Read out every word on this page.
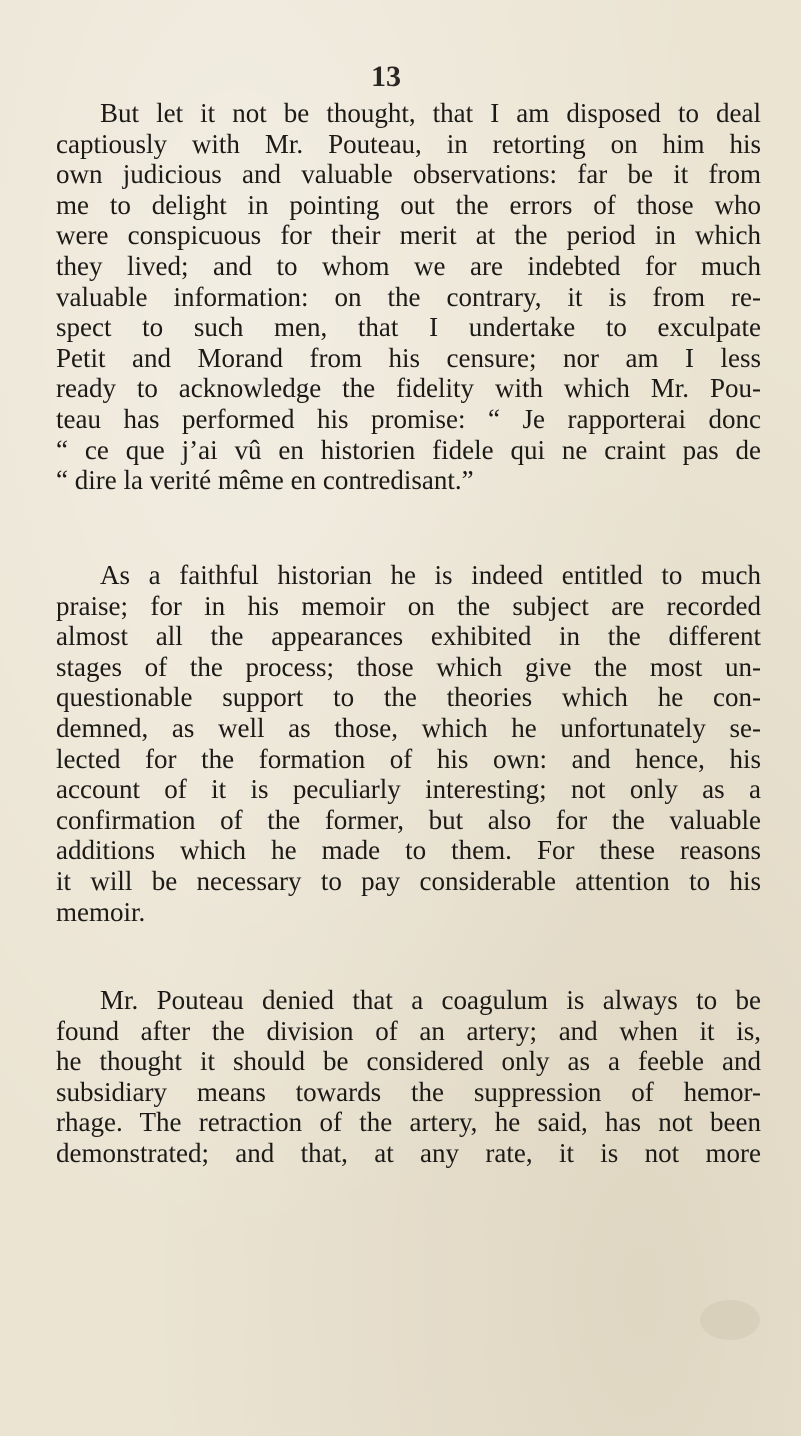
13

But let it not be thought, that I am disposed to deal
captiously with Mr. Pouteau, in retorting on him his
own judicious and valuable observations: far be it from
me to delight in pointing out the errors of those who
were conspicuous for their merit at the period in which
they lived; and to whom we are indebted for much
valuable information: on the contrary, it is from re-
spect to such men, that I undertake to exculpate
Petit and Morand from his censure; nor am I less
ready to acknowledge the fidelity with which Mr. Pou-
teau has performed his promise: “ Je rapporterai donc
“ ce que j’ai vû en historien fidele qui ne craint pas de
“ dire la verité même en contredisant.”

As a faithful historian he is indeed entitled to much
praise; for in his memoir on the subject are recorded
almost all the appearances exhibited in the different
stages of the process; those which give the most un-
questionable support to the theories which he con-
demned, as well as those, which he unfortunately se-
lected for the formation of his own: and hence, his
account of it is peculiarly interesting; not only as a
confirmation of the former, but also for the valuable
additions which he made to them. For these reasons
it will be necessary to pay considerable attention to his
memoir.

Mr. Pouteau denied that a coagulum is always to be
found after the division of an artery; and when it is,
he thought it should be considered only as a feeble and
subsidiary means towards the suppression of hemor-
rhage. The retraction of the artery, he said, has not been
demonstrated; and that, at any rate, it is not more
